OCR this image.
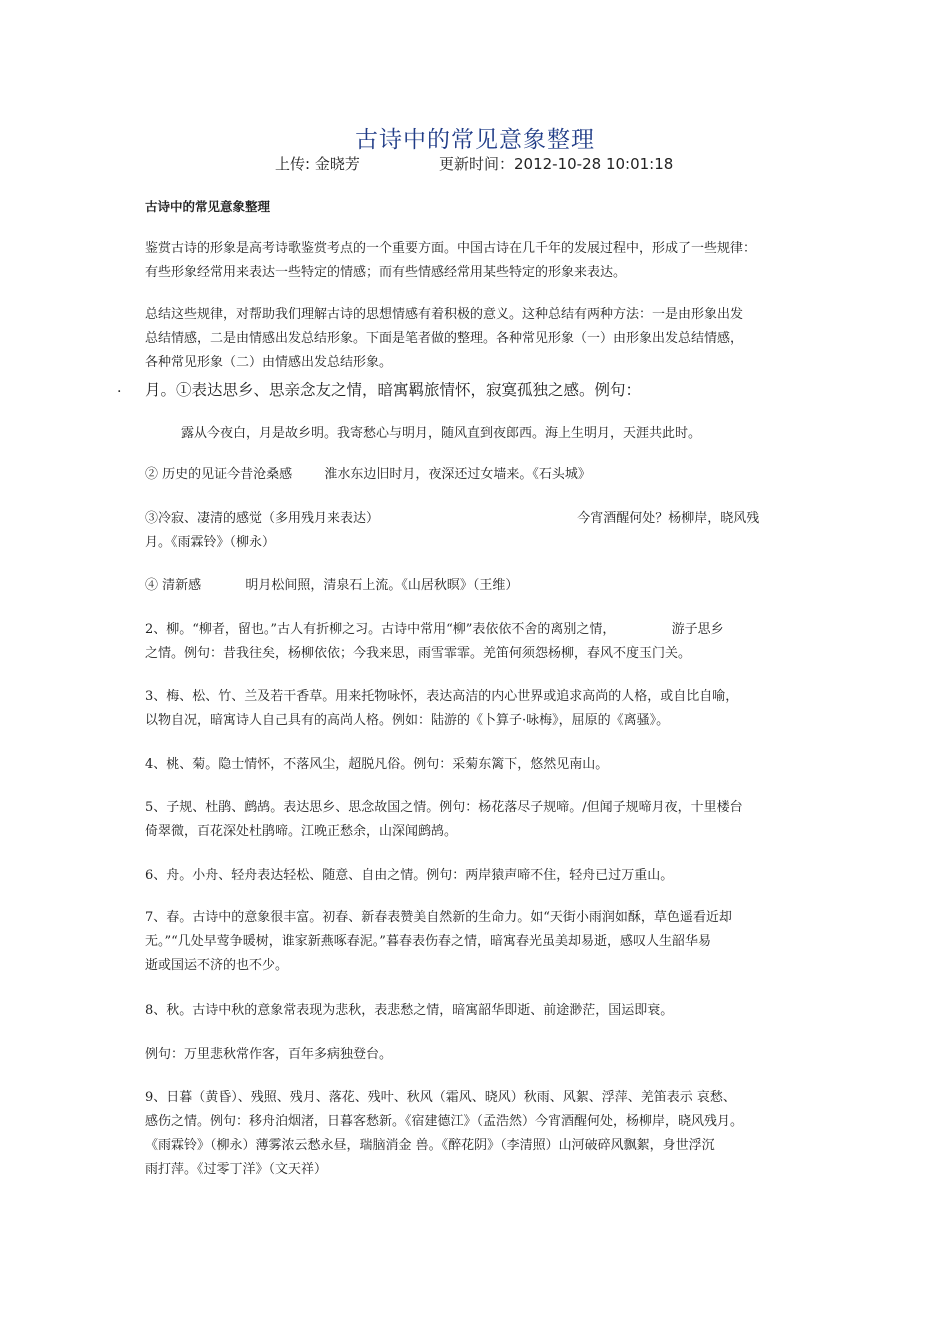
古诗中的常见意象整理
上传: 金晓芳	更新时间：2012-10-28 10:01:18
古诗中的常见意象整理
鉴赏古诗的形象是高考诗歌鉴赏考点的一个重要方面。中国古诗在几千年的发展过程中，形成了一些规律：
有些形象经常用来表达一些特定的情感；而有些情感经常用某些特定的形象来表达。
总结这些规律，对帮助我们理解古诗的思想情感有着积极的意义。这种总结有两种方法：一是由形象出发
总结情感，二是由情感出发总结形象。下面是笔者做的整理。各种常见形象（一）由形象出发总结情感，
各种常见形象（二）由情感出发总结形象。
. 月。①表达思乡、思亲念友之情，暗寓羁旅情怀，寂寞孤独之感。例句：
露从今夜白，月是故乡明。我寄愁心与明月，随风直到夜郎西。海上生明月，天涯共此时。
② 历史的见证今昔沧桑感 淮水东边旧时月，夜深还过女墙来。《石头城》
③冷寂、凄清的感觉（多用残月来表达）	今宵酒醒何处？杨柳岸，晓风残
月。《雨霖铃》（柳永）
④ 清新感	明月松间照，清泉石上流。《山居秋暝》（王维）
2、柳。“柳者，留也。”古人有折柳之习。古诗中常用“柳”表依依不舍的离别之情，	游子思乡
之情。例句：昔我往矣，杨柳依依；今我来思，雨雪霏霏。羌笛何须怨杨柳，春风不度玉门关。
3、梅、松、竹、兰及若干香草。用来托物咏怀，表达高洁的内心世界或追求高尚的人格，或自比自喻，
以物自况，暗寓诗人自己具有的高尚人格。例如：陆游的《卜算子·咏梅》，屈原的《离骚》。
4、桃、菊。隐士情怀，不落风尘，超脱凡俗。例句：采菊东篱下，悠然见南山。
5、子规、杜鹃、鹧鸪。表达思乡、思念故国之情。例句：杨花落尽子规啼。/但闻子规啼月夜，十里楼台
倚翠微，百花深处杜鹃啼。江晚正愁余，山深闻鹧鸪。
6、舟。小舟、轻舟表达轻松、随意、自由之情。例句：两岸猿声啼不住，轻舟已过万重山。
7、春。古诗中的意象很丰富。初春、新春表赞美自然新的生命力。如“天街小雨润如酥，草色遥看近却
无。”“几处早莺争暖树，谁家新燕啄春泥。”暮春表伤春之情，暗寓春光虽美却易逝，感叹人生韶华易
逝或国运不济的也不少。
8、秋。古诗中秋的意象常表现为悲秋，表悲愁之情，暗寓韶华即逝、前途渺茫，国运即衰。
例句：万里悲秋常作客，百年多病独登台。
9、日暮（黄昏）、残照、残月、落花、残叶、秋风（霜风、晓风）秋雨、风絮、浮萍、羌笛表示 哀愁、
感伤之情。例句：移舟泊烟渚，日暮客愁新。《宿建德江》（孟浩然）今宵酒醒何处，杨柳岸，晓风残月。
《雨霖铃》（柳永）薄雾浓云愁永昼，瑞脑消金 兽。《醉花阴》（李清照）山河破碎风飘絮，身世浮沉
雨打萍。《过零丁洋》（文天祥）
